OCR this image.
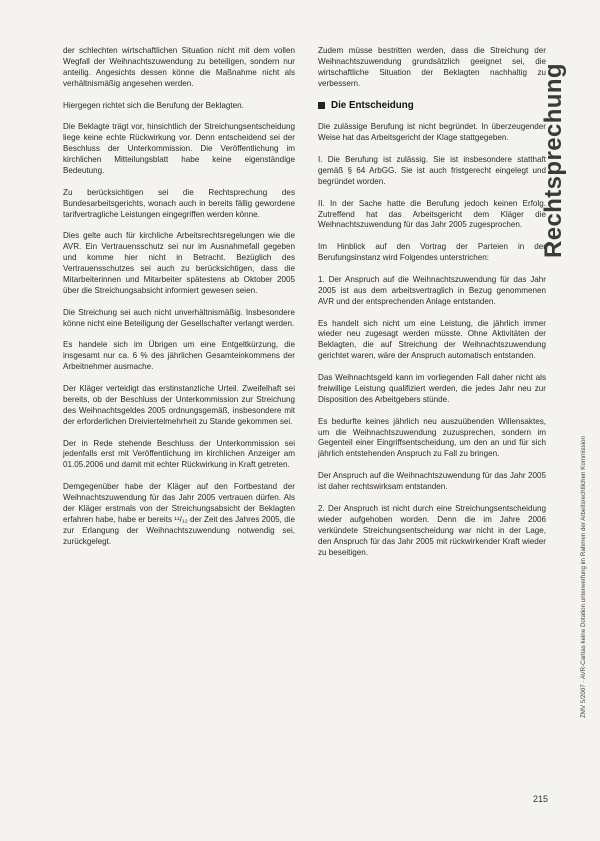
der schlechten wirtschaftlichen Situation nicht mit dem vollen Wegfall der Weihnachtszuwendung zu beteiligen, sondern nur anteilig. Angesichts dessen könne die Maßnahme nicht als verhältnismäßig angesehen werden.

Hiergegen richtet sich die Berufung der Beklagten.

Die Beklagte trägt vor, hinsichtlich der Streichungsentscheidung liege keine echte Rückwirkung vor. Denn entscheidend sei der Beschluss der Unterkommission. Die Veröffentlichung im kirchlichen Mitteilungsblatt habe keine eigenständige Bedeutung.

Zu berücksichtigen sei die Rechtsprechung des Bundesarbeitsgerichts, wonach auch in bereits fällig gewordene tarifvertragliche Leistungen eingegriffen werden könne.

Dies gelte auch für kirchliche Arbeitsrechtsregelungen wie die AVR. Ein Vertrauensschutz sei nur im Ausnahmefall gegeben und komme hier nicht in Betracht. Bezüglich des Vertrauensschutzes sei auch zu berücksichtigen, dass die Mitarbeiterinnen und Mitarbeiter spätestens ab Oktober 2005 über die Streichungsabsicht informiert gewesen seien.

Die Streichung sei auch nicht unverhältnismäßig. Insbesondere könne nicht eine Beteiligung der Gesellschafter verlangt werden.

Es handele sich im Übrigen um eine Entgeltkürzung, die insgesamt nur ca. 6 % des jährlichen Gesamteinkommens der Arbeitnehmer ausmache.

Der Kläger verteidigt das erstinstanzliche Urteil. Zweifelhaft sei bereits, ob der Beschluss der Unterkommission zur Streichung des Weihnachtsgeldes 2005 ordnungsgemäß, insbesondere mit der erforderlichen Dreiviertelmehrheit zu Stande gekommen sei.

Der in Rede stehende Beschluss der Unterkommission sei jedenfalls erst mit Veröffentlichung im kirchlichen Anzeiger am 01.05.2006 und damit mit echter Rückwirkung in Kraft getreten.

Demgegenüber habe der Kläger auf den Fortbestand der Weihnachtszuwendung für das Jahr 2005 vertrauen dürfen. Als der Kläger erstmals von der Streichungsabsicht der Beklagten erfahren habe, habe er bereits ¹¹/₁₂ der Zeit des Jahres 2005, die zur Erlangung der Weihnachtszuwendung notwendig sei, zurückgelegt.

Zudem müsse bestritten werden, dass die Streichung der Weihnachtszuwendung grundsätzlich geeignet sei, die wirtschaftliche Situation der Beklagten nachhaltig zu verbessern.

Die Entscheidung

Die zulässige Berufung ist nicht begründet. In überzeugender Weise hat das Arbeitsgericht der Klage stattgegeben.

I. Die Berufung ist zulässig. Sie ist insbesondere statthaft gemäß § 64 ArbGG. Sie ist auch fristgerecht eingelegt und begründet worden.

II. In der Sache hatte die Berufung jedoch keinen Erfolg. Zutreffend hat das Arbeitsgericht dem Kläger die Weihnachtszuwendung für das Jahr 2005 zugesprochen.

Im Hinblick auf den Vortrag der Parteien in der Berufungsinstanz wird Folgendes unterstrichen:

1. Der Anspruch auf die Weihnachtszuwendung für das Jahr 2005 ist aus dem arbeitsvertraglich in Bezug genommenen AVR und der entsprechenden Anlage entstanden.

Es handelt sich nicht um eine Leistung, die jährlich immer wieder neu zugesagt werden müsste. Ohne Aktivitäten der Beklagten, die auf Streichung der Weihnachtszuwendung gerichtet waren, wäre der Anspruch automatisch entstanden.

Das Weihnachtsgeld kann im vorliegenden Fall daher nicht als freiwillige Leistung qualifiziert werden, die jedes Jahr neu zur Disposition des Arbeitgebers stünde.

Es bedurfte keines jährlich neu auszuübenden Willensaktes, um die Weihnachtszuwendung zuzusprechen, sondern im Gegenteil einer Eingriffsentscheidung, um den an und für sich jährlich entstehenden Anspruch zu Fall zu bringen.

Der Anspruch auf die Weihnachtszuwendung für das Jahr 2005 ist daher rechtswirksam entstanden.

2. Der Anspruch ist nicht durch eine Streichungsentscheidung wieder aufgehoben worden. Denn die im Jahre 2006 verkündete Streichungsentscheidung war nicht in der Lage, den Anspruch für das Jahr 2005 mit rückwirkender Kraft wieder zu beseitigen.

Rechtsprechung
ZMV 5/2007 · AVR-Caritas keine Dotation unterwerfung im Rahmen der Arbeitsrechtlichen Kommission
215
